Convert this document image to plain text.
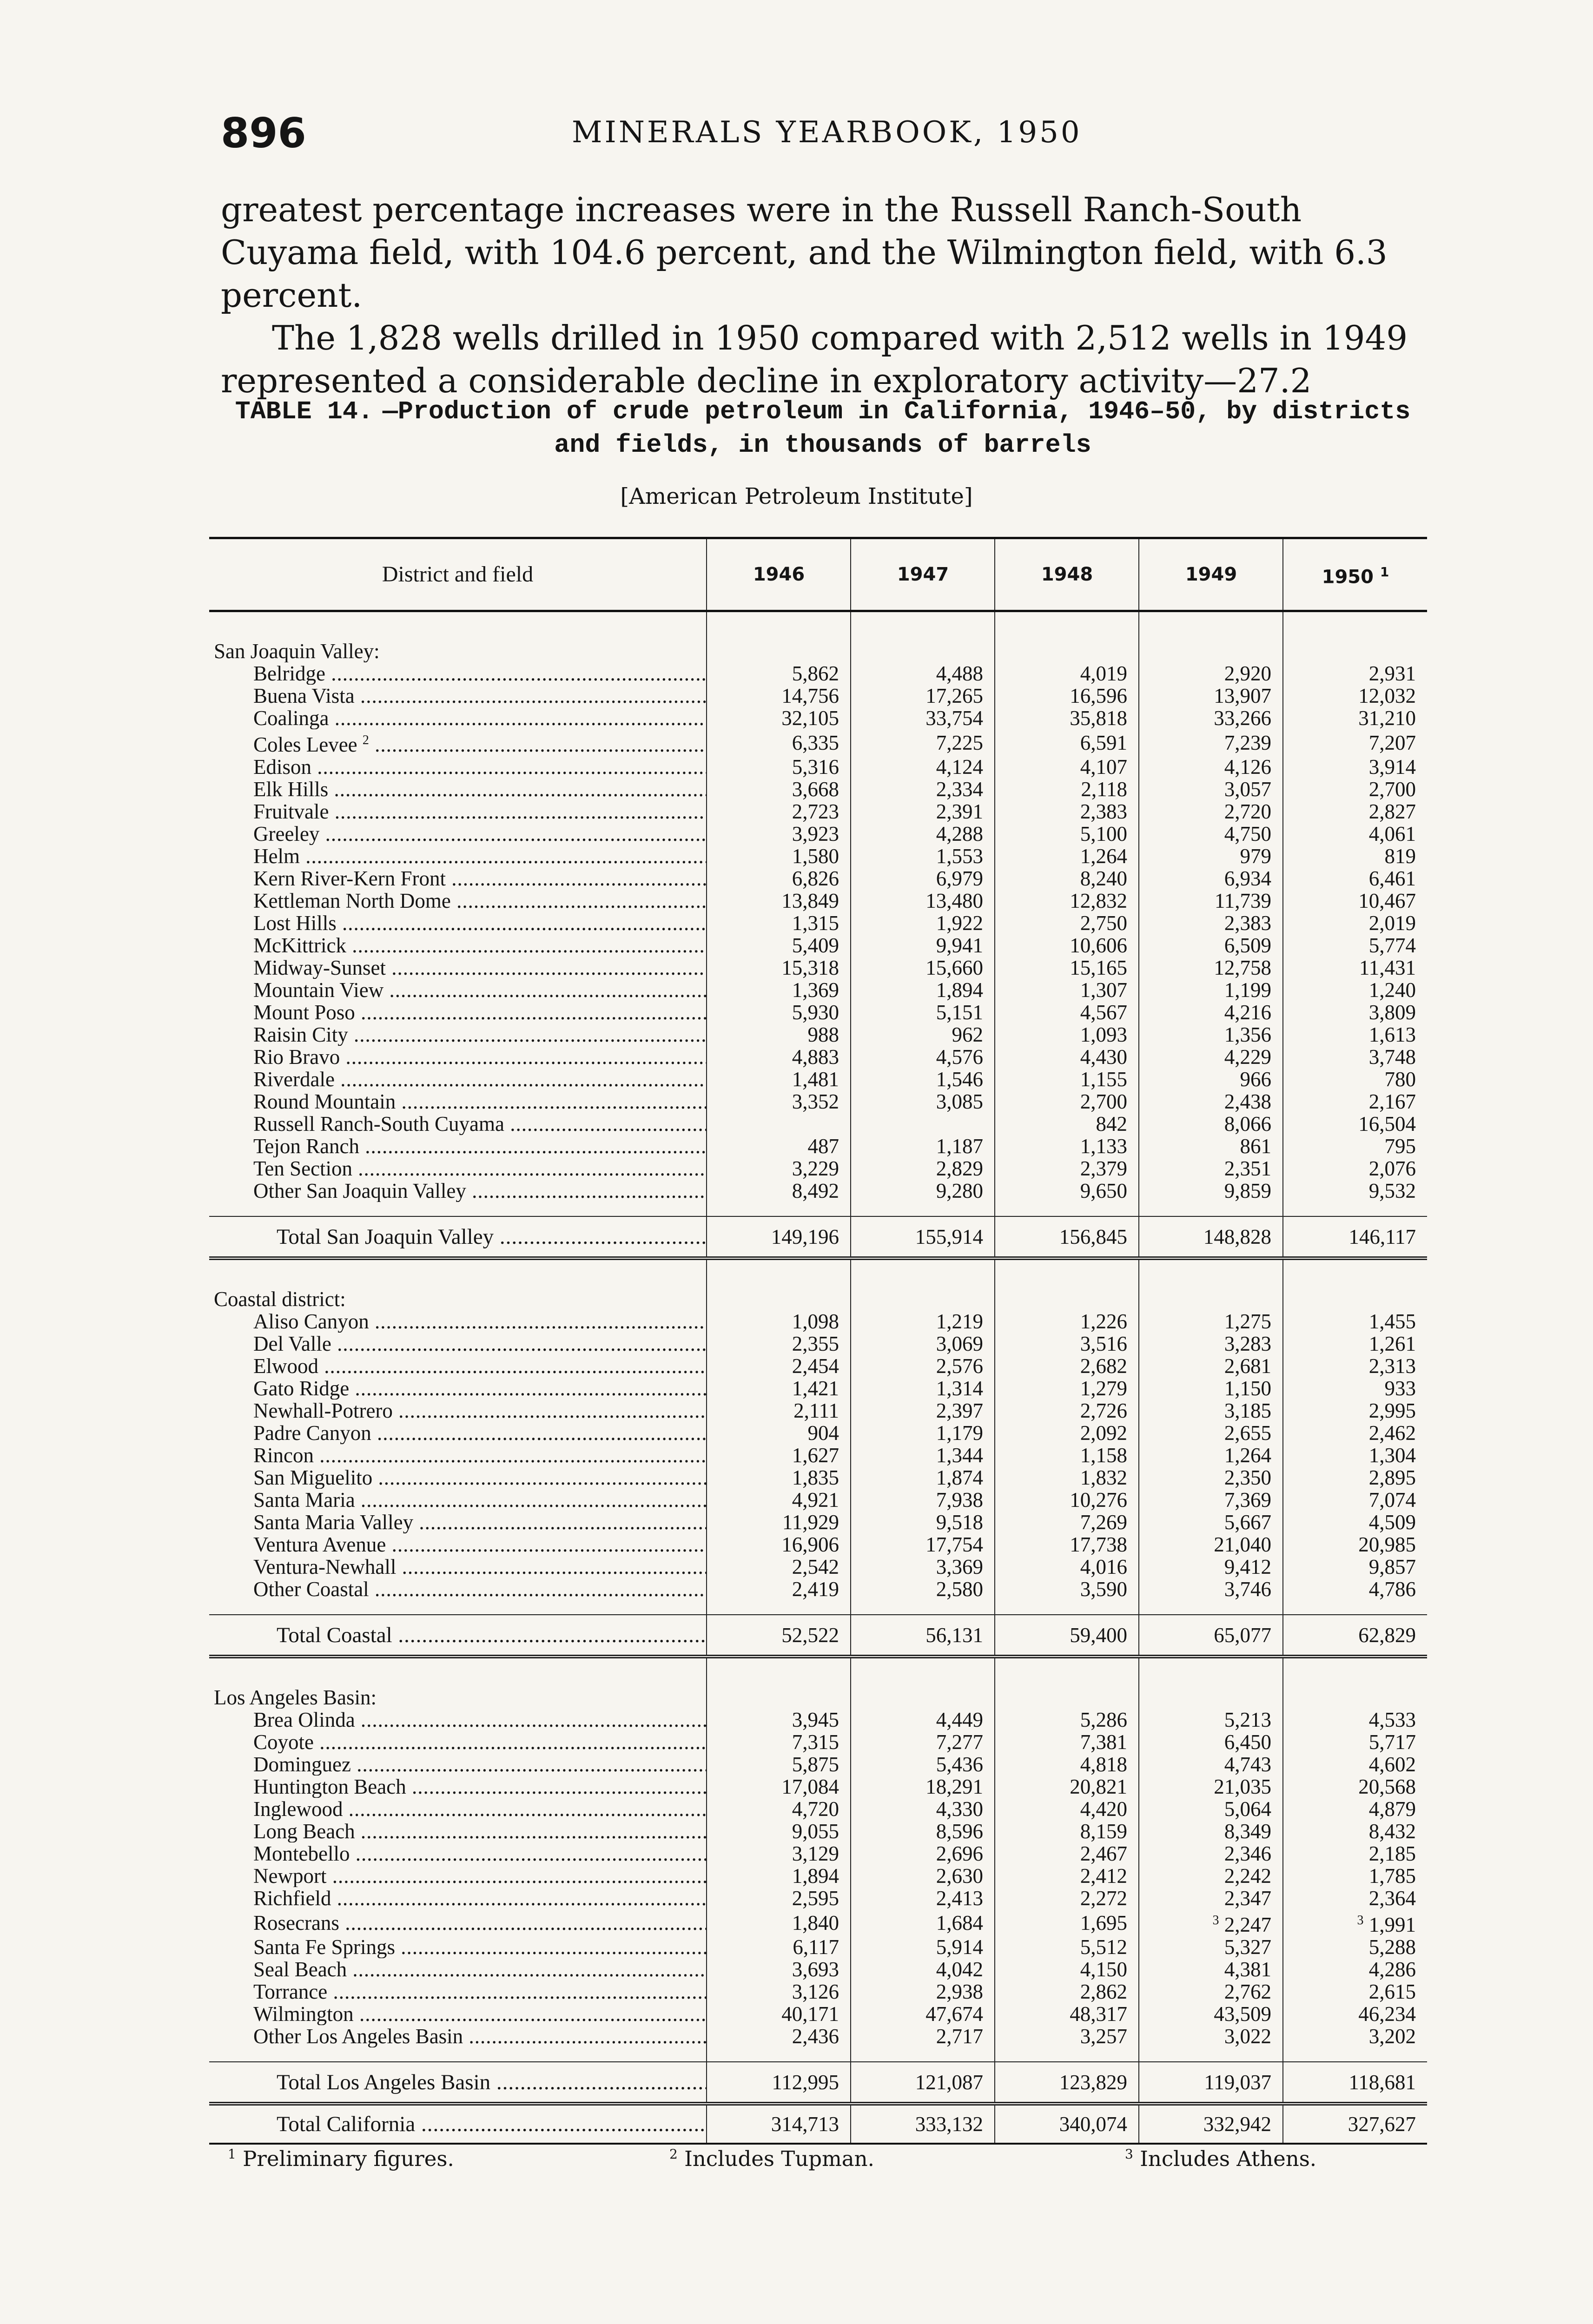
896	MINERALS YEARBOOK, 1950

greatest percentage increases were in the Russell Ranch-South Cuyama field, with 104.6 percent, and the Wilmington field, with 6.3 percent.

The 1,828 wells drilled in 1950 compared with 2,512 wells in 1949 represented a considerable decline in exploratory activity—27.2

TABLE 14. —Production of crude petroleum in California, 1946–50, by districts and fields, in thousands of barrels
[American Petroleum Institute]
District and field	1946	1947	1948	1949	1950 $^1$

San Joaquin Valley:					
Belridge .....	5,862	4,488	4,019	2,920	2,931
Buena Vista .....	14,756	17,265	16,596	13,907	12,032
Coalinga .....	32,105	33,754	35,818	33,266	31,210
Coles Levee $^2$ .....	6,335	7,225	6,591	7,239	7,207
Edison .....	5,316	4,124	4,107	4,126	3,914
Elk Hills .....	3,668	2,334	2,118	3,057	2,700
Fruitvale .....	2,723	2,391	2,383	2,720	2,827
Greeley .....	3,923	4,288	5,100	4,750	4,061
Helm .....	1,580	1,553	1,264	979	819
Kern River-Kern Front .....	6,826	6,979	8,240	6,934	6,461
Kettleman North Dome .....	13,849	13,480	12,832	11,739	10,467
Lost Hills .....	1,315	1,922	2,750	2,383	2,019
McKittrick .....	5,409	9,941	10,606	6,509	5,774
Midway-Sunset .....	15,318	15,660	15,165	12,758	11,431
Mountain View .....	1,369	1,894	1,307	1,199	1,240
Mount Poso .....	5,930	5,151	4,567	4,216	3,809
Raisin City .....	988	962	1,093	1,356	1,613
Rio Bravo .....	4,883	4,576	4,430	4,229	3,748
Riverdale .....	1,481	1,546	1,155	966	780
Round Mountain .....	3,352	3,085	2,700	2,438	2,167
Russell Ranch-South Cuyama .....			842	8,066	16,504
Tejon Ranch .....	487	1,187	1,133	861	795
Ten Section .....	3,229	2,829	2,379	2,351	2,076
Other San Joaquin Valley .....	8,492	9,280	9,650	9,859	9,532

Total San Joaquin Valley .....	149,196	155,914	156,845	148,828	146,117

Coastal district:					
Aliso Canyon .....	1,098	1,219	1,226	1,275	1,455
Del Valle .....	2,355	3,069	3,516	3,283	1,261
Elwood .....	2,454	2,576	2,682	2,681	2,313
Gato Ridge .....	1,421	1,314	1,279	1,150	933
Newhall-Potrero .....	2,111	2,397	2,726	3,185	2,995
Padre Canyon .....	904	1,179	2,092	2,655	2,462
Rincon .....	1,627	1,344	1,158	1,264	1,304
San Miguelito .....	1,835	1,874	1,832	2,350	2,895
Santa Maria .....	4,921	7,938	10,276	7,369	7,074
Santa Maria Valley .....	11,929	9,518	7,269	5,667	4,509
Ventura Avenue .....	16,906	17,754	17,738	21,040	20,985
Ventura-Newhall .....	2,542	3,369	4,016	9,412	9,857
Other Coastal .....	2,419	2,580	3,590	3,746	4,786

Total Coastal .....	52,522	56,131	59,400	65,077	62,829

Los Angeles Basin:					
Brea Olinda .....	3,945	4,449	5,286	5,213	4,533
Coyote .....	7,315	7,277	7,381	6,450	5,717
Dominguez .....	5,875	5,436	4,818	4,743	4,602
Huntington Beach .....	17,084	18,291	20,821	21,035	20,568
Inglewood .....	4,720	4,330	4,420	5,064	4,879
Long Beach .....	9,055	8,596	8,159	8,349	8,432
Montebello .....	3,129	2,696	2,467	2,346	2,185
Newport .....	1,894	2,630	2,412	2,242	1,785
Richfield .....	2,595	2,413	2,272	2,347	2,364
Rosecrans .....	1,840	1,684	1,695	$^3$ 2,247	$^3$ 1,991
Santa Fe Springs .....	6,117	5,914	5,512	5,327	5,288
Seal Beach .....	3,693	4,042	4,150	4,381	4,286
Torrance .....	3,126	2,938	2,862	2,762	2,615
Wilmington .....	40,171	47,674	48,317	43,509	46,234
Other Los Angeles Basin .....	2,436	2,717	3,257	3,022	3,202

Total Los Angeles Basin .....	112,995	121,087	123,829	119,037	118,681
Total California .....	314,713	333,132	340,074	332,942	327,627
$^1$ Preliminary figures.	$^2$ Includes Tupman.	$^3$ Includes Athens.
